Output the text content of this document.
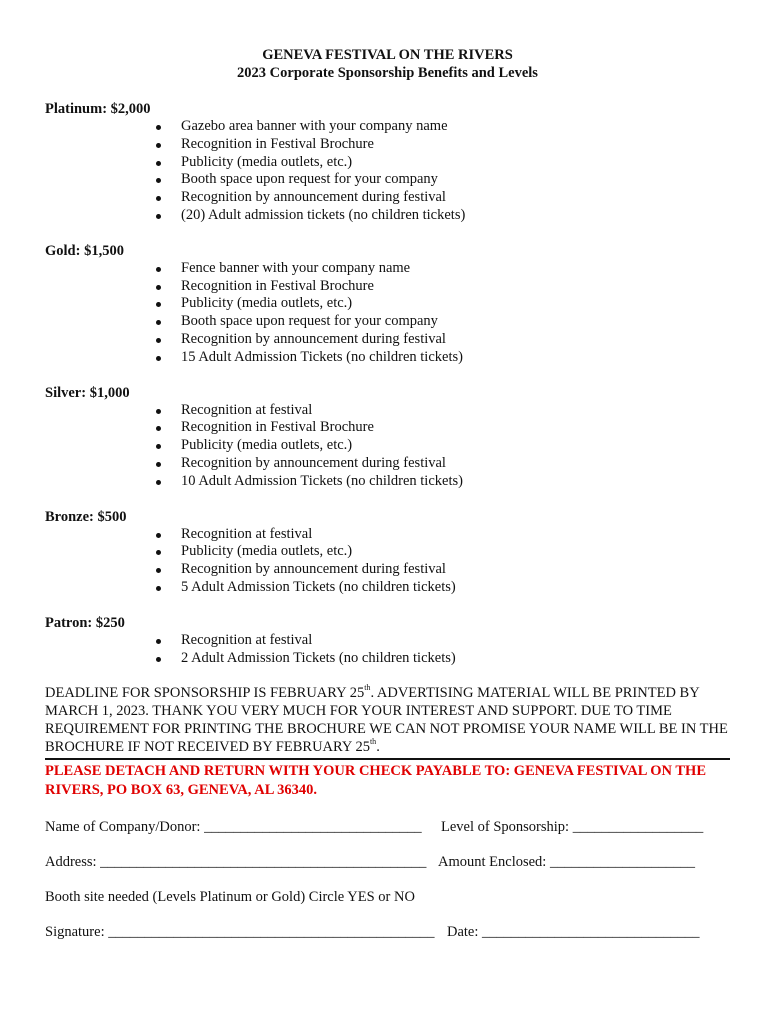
GENEVA FESTIVAL ON THE RIVERS
2023 Corporate Sponsorship Benefits and Levels
Platinum: $2,000
Gazebo area banner with your company name
Recognition in Festival Brochure
Publicity (media outlets, etc.)
Booth space upon request for your company
Recognition by announcement during festival
(20) Adult admission tickets (no children tickets)
Gold: $1,500
Fence banner with your company name
Recognition in Festival Brochure
Publicity (media outlets, etc.)
Booth space upon request for your company
Recognition by announcement during festival
15 Adult Admission Tickets (no children tickets)
Silver: $1,000
Recognition at festival
Recognition in Festival Brochure
Publicity (media outlets, etc.)
Recognition by announcement during festival
10 Adult Admission Tickets (no children tickets)
Bronze: $500
Recognition at festival
Publicity (media outlets, etc.)
Recognition by announcement during festival
5 Adult Admission Tickets (no children tickets)
Patron: $250
Recognition at festival
2 Adult Admission Tickets (no children tickets)
DEADLINE FOR SPONSORSHIP IS FEBRUARY 25th. ADVERTISING MATERIAL WILL BE PRINTED BY MARCH 1, 2023. THANK YOU VERY MUCH FOR YOUR INTEREST AND SUPPORT. DUE TO TIME REQUIREMENT FOR PRINTING THE BROCHURE WE CAN NOT PROMISE YOUR NAME WILL BE IN THE BROCHURE IF NOT RECEIVED BY FEBRUARY 25th.
PLEASE DETACH AND RETURN WITH YOUR CHECK PAYABLE TO: GENEVA FESTIVAL ON THE RIVERS, PO BOX 63, GENEVA, AL 36340.
Name of Company/Donor: ______________________________ Level of Sponsorship: __________________
Address: _____________________________________________ Amount Enclosed: ____________________
Booth site needed (Levels Platinum or Gold) Circle YES or NO
Signature: _____________________________________________ Date: ______________________________
